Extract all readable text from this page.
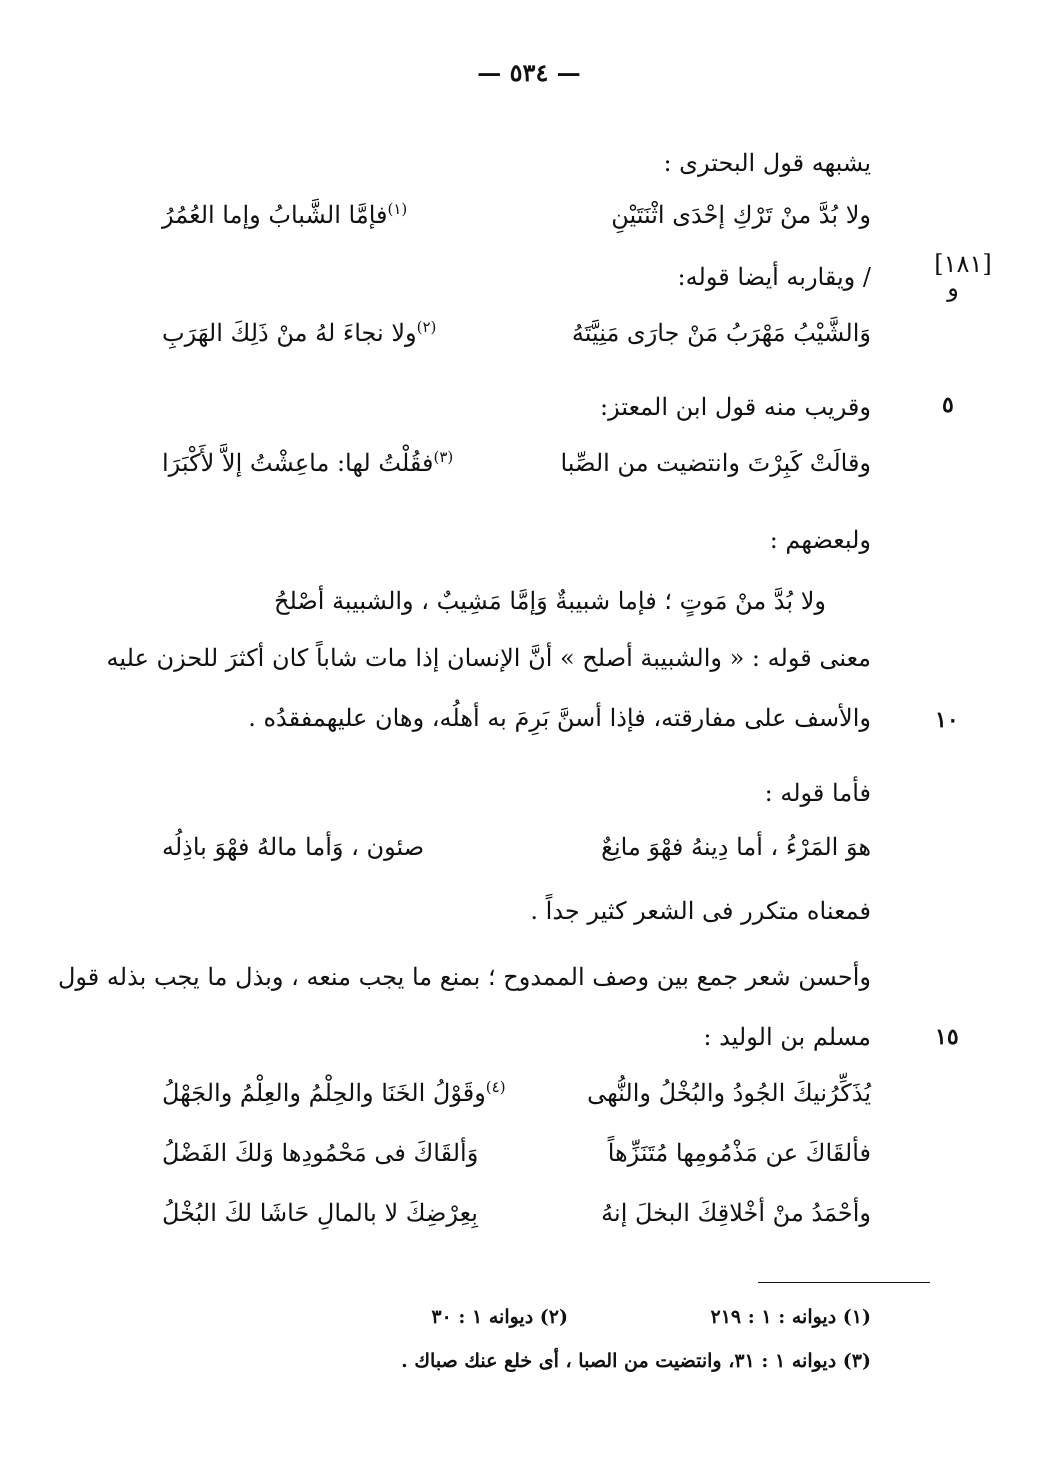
— ٥٣٤ —
[١٨١]
و
٥
١٠
١٥
يشبهه قول البحترى :
ولا بُدَّ منْ تَرْكِ إحْدَى اثْنَتَيْنِ
$^{(١)}$فإمَّا الشَّبابُ وإما العُمُرُ
/ ويقاربه أيضا قوله:
وَالشَّيْبُ مَهْرَبُ مَنْ جارَى مَنِيَّتَهُ
$^{(٢)}$ولا نجاءَ لهُ منْ ذَلِكَ الهَرَبِ
وقريب منه قول ابن المعتز:
وقالَتْ كَبِرْتَ وانتضيت من الصِّبا
$^{(٣)}$فقُلْتُ لها: ماعِشْتُ إلاَّ لأَكْبَرَا
ولبعضهم :
ولا بُدَّ منْ مَوتٍ ؛ فإما شبيبةٌ وَإمَّا مَشِيبٌ ، والشبيبة أصْلحُ
معنى قوله : « والشبيبة أصلح » أنَّ الإنسان إذا مات شاباً كان أكثرَ للحزن عليه
والأسف على مفارقته، فإذا أسنَّ بَرِمَ به أهلُه، وهان عليهمفقدُه .
فأما قوله :
هوَ المَرْءُ ، أما دِينهُ فهْوَ مانِعٌ
صئون ، وَأما مالهُ فهْوَ باذِلُه
فمعناه متكرر فى الشعر كثير جداً .
وأحسن شعر جمع بين وصف الممدوح ؛ بمنع ما يجب منعه ، وبذل ما يجب بذله قول
مسلم بن الوليد :
يُذَكِّرُنيكَ الجُودُ والبُخْلُ والنُّهى
$^{(٤)}$وقَوْلُ الخَنَا والحِلْمُ والعِلْمُ والجَهْلُ
فألقَاكَ عن مَذْمُومِها مُتَنَزِّهاً
وَألقَاكَ فى مَحْمُودِها وَلكَ الفَضْلُ
وأحْمَدُ منْ أخْلاقِكَ البخلَ إنهُ
بِعِرْضِكَ لا بالمالِ حَاشَا لكَ البُخْلُ
(١) ديوانه : ١ : ٢١٩
(٢) ديوانه ١ : ٣٠
(٣) ديوانه ١ : ٣١، وانتضيت من الصبا ، أى خلع عنك صباك .
